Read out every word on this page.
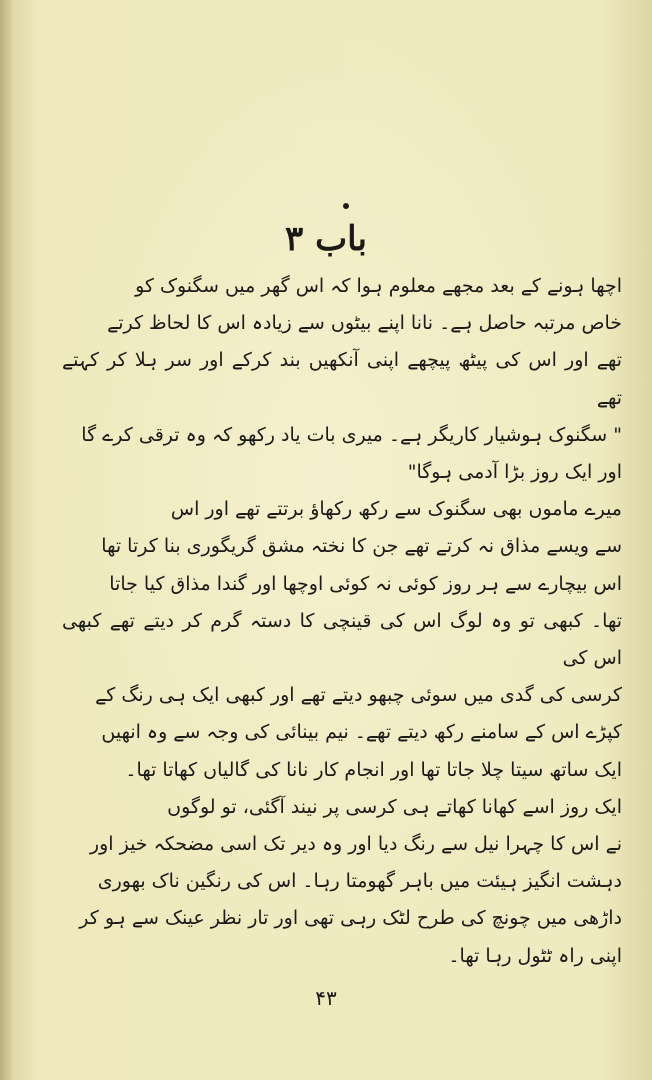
باب ۳

اچھا ہونے کے بعد مجھے معلوم ہوا کہ اس گھر میں سگنوک کو
خاص مرتبہ حاصل ہے۔ نانا اپنے بیٹوں سے زیادہ اس کا لحاظ کرتے
تھے اور اس کی پیٹھ پیچھے اپنی آنکھیں بند کرکے اور سر ہلا کر کہتے تھے
" سگنوک ہوشیار کاریگر ہے۔ میری بات یاد رکھو کہ وہ ترقی کرے گا
اور ایک روز بڑا آدمی ہوگا"

میرے ماموں بھی سگنوک سے رکھ رکھاؤ برتتے تھے اور اس
سے ویسے مذاق نہ کرتے تھے جن کا نختہ مشق گریگوری بنا کرتا تھا
اس بیچارے سے ہر روز کوئی نہ کوئی اوچھا اور گندا مذاق کیا جاتا
تھا۔ کبھی تو وہ لوگ اس کی قینچی کا دستہ گرم کر دیتے تھے کبھی اس کی
کرسی کی گدی میں سوئی چبھو دیتے تھے اور کبھی ایک ہی رنگ کے
کپڑے اس کے سامنے رکھ دیتے تھے۔ نیم بینائی کی وجہ سے وہ انھیں
ایک ساتھ سیتا چلا جاتا تھا اور انجام کار نانا کی گالیاں کھاتا تھا۔

ایک روز اسے کھانا کھاتے ہی کرسی پر نیند آگئی، تو لوگوں
نے اس کا چہرا نیل سے رنگ دیا اور وہ دیر تک اسی مضحکہ خیز اور
دہشت انگیز ہیئت میں باہر گھومتا رہا۔ اس کی رنگین ناک بھوری
داڑھی میں چونچ کی طرح لٹک رہی تھی اور تار نظر عینک سے ہو کر
اپنی راہ ٹٹول رہا تھا۔

۴۳
